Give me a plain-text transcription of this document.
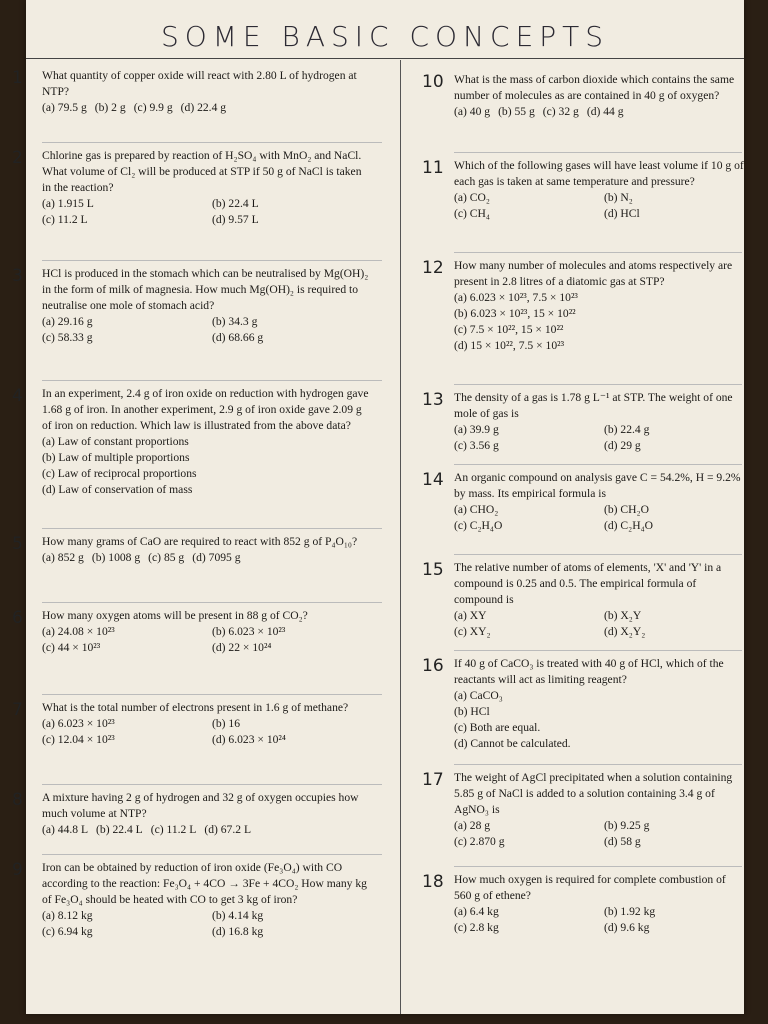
SOME BASIC CONCEPTS
1 What quantity of copper oxide will react with 2.80 L of hydrogen at NTP?
(a) 79.5 g (b) 2 g (c) 9.9 g (d) 22.4 g
2 Chlorine gas is prepared by reaction of H₂SO₄ with MnO₂ and NaCl. What volume of Cl₂ will be produced at STP if 50 g of NaCl is taken in the reaction?
(a) 1.915 L	(b) 22.4 L
(c) 11.2 L	(d) 9.57 L
3 HCl is produced in the stomach which can be neutralised by Mg(OH)₂ in the form of milk of magnesia. How much Mg(OH)₂ is required to neutralise one mole of stomach acid?
(a) 29.16 g	(b) 34.3 g
(c) 58.33 g	(d) 68.66 g
4 In an experiment, 2.4 g of iron oxide on reduction with hydrogen gave 1.68 g of iron. In another experiment, 2.9 g of iron oxide gave 2.09 g of iron on reduction. Which law is illustrated from the above data?
(a) Law of constant proportions
(b) Law of multiple proportions
(c) Law of reciprocal proportions
(d) Law of conservation of mass
5 How many grams of CaO are required to react with 852 g of P₄O₁₀?
(a) 852 g (b) 1008 g (c) 85 g (d) 7095 g
6 How many oxygen atoms will be present in 88 g of CO₂?
(a) 24.08 × 10²³	(b) 6.023 × 10²³
(c) 44 × 10²³	(d) 22 × 10²⁴
7 What is the total number of electrons present in 1.6 g of methane?
(a) 6.023 × 10²³	(b) 16
(c) 12.04 × 10²³	(d) 6.023 × 10²⁴
8 A mixture having 2 g of hydrogen and 32 g of oxygen occupies how much volume at NTP?
(a) 44.8 L (b) 22.4 L (c) 11.2 L (d) 67.2 L
9 Iron can be obtained by reduction of iron oxide (Fe₃O₄) with CO according to the reaction: Fe₃O₄ + 4CO → 3Fe + 4CO₂ How many kg of Fe₃O₄ should be heated with CO to get 3 kg of iron?
(a) 8.12 kg	(b) 4.14 kg
(c) 6.94 kg	(d) 16.8 kg
10 What is the mass of carbon dioxide which contains the same number of molecules as are contained in 40 g of oxygen?
(a) 40 g (b) 55 g (c) 32 g (d) 44 g
11 Which of the following gases will have least volume if 10 g of each gas is taken at same temperature and pressure?
(a) CO₂	(b) N₂
(c) CH₄	(d) HCl
12 How many number of molecules and atoms respectively are present in 2.8 litres of a diatomic gas at STP?
(a) 6.023 × 10²³, 7.5 × 10²³
(b) 6.023 × 10²³, 15 × 10²²
(c) 7.5 × 10²², 15 × 10²²
(d) 15 × 10²², 7.5 × 10²³
13 The density of a gas is 1.78 g L⁻¹ at STP. The weight of one mole of gas is
(a) 39.9 g	(b) 22.4 g
(c) 3.56 g	(d) 29 g
14 An organic compound on analysis gave C = 54.2%, H = 9.2% by mass. Its empirical formula is
(a) CHO₂	(b) CH₂O
(c) C₂H₄O	(d) C₂H₄O
15 The relative number of atoms of elements, 'X' and 'Y' in a compound is 0.25 and 0.5. The empirical formula of compound is
(a) XY	(b) X₂Y
(c) XY₂	(d) X₂Y₂
16 If 40 g of CaCO₃ is treated with 40 g of HCl, which of the reactants will act as limiting reagent?
(a) CaCO₃
(b) HCl
(c) Both are equal.
(d) Cannot be calculated.
17 The weight of AgCl precipitated when a solution containing 5.85 g of NaCl is added to a solution containing 3.4 g of AgNO₃ is
(a) 28 g	(b) 9.25 g
(c) 2.870 g	(d) 58 g
18 How much oxygen is required for complete combustion of 560 g of ethene?
(a) 6.4 kg	(b) 1.92 kg
(c) 2.8 kg	(d) 9.6 kg
